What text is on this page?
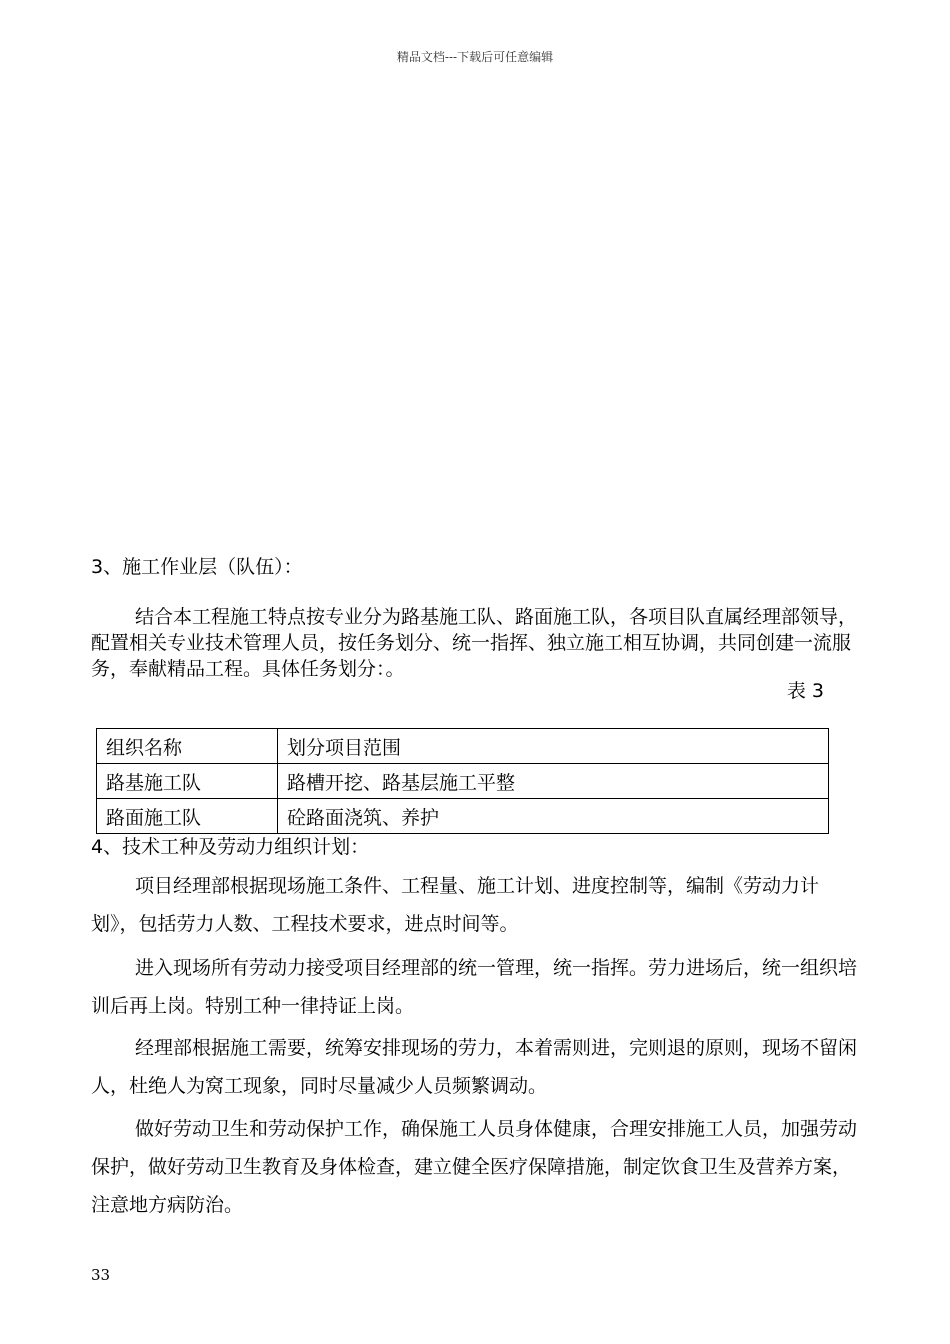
精品文档---下载后可任意编辑
3、施工作业层（队伍）：

结合本工程施工特点按专业分为路基施工队、路面施工队，各项目队直属经理部领导，配置相关专业技术管理人员，按任务划分、统一指挥、独立施工相互协调，共同创建一流服务，奉献精品工程。具体任务划分：。

表 3
组织名称	划分项目范围
路基施工队	路槽开挖、路基层施工平整
路面施工队	砼路面浇筑、养护
4、技术工种及劳动力组织计划：

项目经理部根据现场施工条件、工程量、施工计划、进度控制等，编制《劳动力计划》，包括劳力人数、工程技术要求，进点时间等。

进入现场所有劳动力接受项目经理部的统一管理，统一指挥。劳力进场后，统一组织培训后再上岗。特别工种一律持证上岗。

经理部根据施工需要，统筹安排现场的劳力，本着需则进，完则退的原则，现场不留闲人，杜绝人为窝工现象，同时尽量减少人员频繁调动。

做好劳动卫生和劳动保护工作，确保施工人员身体健康，合理安排施工人员，加强劳动保护，做好劳动卫生教育及身体检查，建立健全医疗保障措施，制定饮食卫生及营养方案，注意地方病防治。

33
